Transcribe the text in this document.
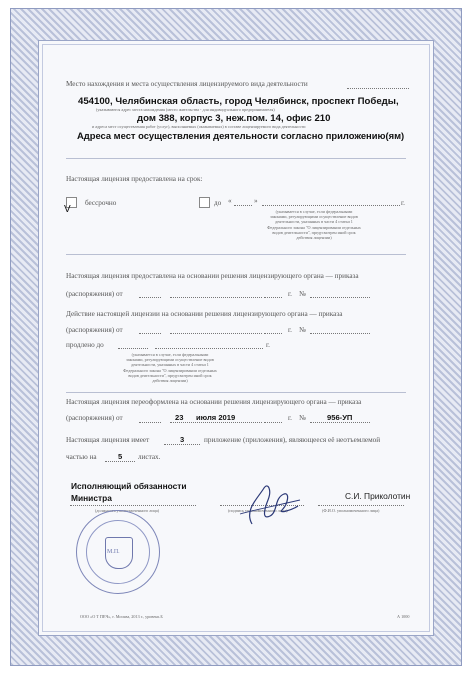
Место нахождения и места осуществления лицензируемого вида деятельности
454100, Челябинская область, город Челябинск, проспект Победы,
(указываются адрес места нахождения (место жительства - для индивидуального предпринимателя)
дом 388, корпус 3, неж.пом. 14, офис 210
и адреса мест осуществления работ (услуг), выполняемых (оказываемых) в составе лицензируемого вида деятельности
Адреса мест осуществления деятельности согласно приложению(ям)
Настоящая лицензия предоставлена на срок:
V
бессрочно	до «	»	г.
(указывается в случае, если федеральными
законами, регулирующими осуществление видов
деятельности, указанных в части 4 статьи 1
Федерального закона "О лицензировании отдельных
видов деятельности", предусмотрен иной срок
действия лицензии)
Настоящая лицензия предоставлена на основании решения лицензирующего органа — приказа
(распоряжения) от	г. №
Действие настоящей лицензии на основании решения лицензирующего органа — приказа
(распоряжения) от	г. №
продлено до	г.
(указывается в случае, если федеральными
законами, регулирующими осуществление видов
деятельности, указанных в части 4 статьи 1
Федерального закона "О лицензировании отдельных
видов деятельности", предусмотрен иной срок
действия лицензии)
Настоящая лицензия переоформлена на основании решения лицензирующего органа — приказа
(распоряжения) от	23 июля 2019	г. №	956-УП
Настоящая лицензия имеет	3	приложение (приложения), являющееся её неотъемлемой
частью на	5 листах.
Исполняющий обязанности
Министра	С.И. Приколотин
(должность уполномоченного лица)	(подпись уполномоченного лица)	(Ф.И.О. уполномоченного лица)
М.П.
ООО «О Т ПЕЧ», г. Москва, 2013 г., уровень Б	А 1000
